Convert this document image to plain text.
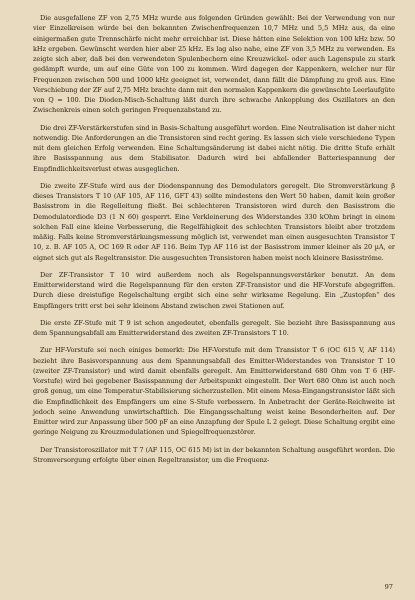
Die ausgefallene ZF von 2,75 MHz wurde aus folgenden Gründen gewählt: Bei der Verwendung von nur vier Einzelkreisen würde bei den bekannten Zwischenfrequenzen 10,7 MHz und 5,5 MHz aus, da eine einigermaßen gute Trennschärfe nicht mehr erreichbar ist. Diese hätten eine Selektion von 100 kHz bzw. 50 kHz ergeben. Gewünscht werden hier aber 25 kHz. Es lag also nahe, eine ZF von 3,5 MHz zu verwenden. Es zeigte sich aber, daß bei den verwendeten Spulenbechern eine Kreuzwickel- oder auch Lagenspule zu stark gedämpft wurde, um auf eine Güte von 100 zu kommen. Wird dagegen der Kappenkern, welcher nur für Frequenzen zwischen 500 und 1000 kHz geeignet ist, verwendet, dann fällt die Dämpfung zu groß aus. Eine Verschiebung der ZF auf 2,75 MHz brachte dann mit den normalen Kappenkern die gewünschte Leerlaufgüte von Q = 100. Die Dioden-Misch-Schaltung läßt durch ihre schwache Ankopplung des Oszillators an den Zwischenkreis einen solch geringen Frequenzabstand zu.

Die drei ZF-Verstärkerstufen sind in Basis-Schaltung ausgeführt worden. Eine Neutralisation ist daher nicht notwendig. Die Anforderungen an die Transistoren sind recht gering. Es lassen sich viele verschiedene Typen mit dem gleichen Erfolg verwenden. Eine Schaltungsänderung ist dabei nicht nötig. Die dritte Stufe erhält ihre Basisspannung aus dem Stabilisator. Dadurch wird bei abfallender Batteriespannung der Empfindlichkeitsverlust etwas ausgeglichen.

Die zweite ZF-Stufe wird aus der Diodenspannung des Demodulators geregelt. Die Stromverstärkung β dieses Transistors T 10 (AF 105, AF 116, GFT 43) sollte mindestens den Wert 50 haben, damit kein großer Basisstrom in die Regelleitung fließt. Bei schlechteren Transistoren wird durch den Basisstrom die Demodulatordiode D3 (1 N 60) gesperrt. Eine Verkleinerung des Widerstandes 330 kOhm bringt in einem solchen Fall eine kleine Verbesserung, die Regelfähigkeit des schlechten Transistors bleibt aber trotzdem mäßig. Falls keine Stromverstärkungsmessung möglich ist, verwendet man einen ausgesuchten Transistor T 10, z. B. AF 105 A, OC 169 R oder AF 116. Beim Typ AF 116 ist der Basisstrom immer kleiner als 20 µA, er eignet sich gut als Regeltransistor. Die ausgesuchten Transistoren haben meist noch kleinere Basisströme.

Der ZF-Transistor T 10 wird außerdem noch als Regelspannungsverstärker benutzt. An dem Emitterwiderstand wird die Regelspannung für den ersten ZF-Transistor und die HF-Vorstufe abgegriffen. Durch diese dreistufige Regelschaltung ergibt sich eine sehr wirksame Regelung. Ein „Zustopfen“ des Empfängers tritt erst bei sehr kleinem Abstand zwischen zwei Stationen auf.

Die erste ZF-Stufe mit T 9 ist schon angedeutet, ebenfalls geregelt. Sie bezieht ihre Basisspannung aus dem Spannungsabfall am Emitterwiderstand des zweiten ZF-Transistors T 10.

Zur HF-Vorstufe sei noch einiges bemerkt: Die HF-Vorstufe mit dem Transistor T 6 (OC 615 V, AF 114) bezieht ihre Basisvorspannung aus dem Spannungsabfall des Emitter-Widerstandes von Transistor T 10 (zweiter ZF-Transistor) und wird damit ebenfalls geregelt. Am Emitterwiderstand 680 Ohm von T 6 (HF-Vorstufe) wird bei gegebener Basisspannung der Arbeitspunkt eingestellt. Der Wert 680 Ohm ist auch noch groß genug, um eine Temperatur-Stabilisierung sicherzustellen. Mit einem Mesa-Eingangstransistor läßt sich die Empfindlichkeit des Empfängers um eine S-Stufe verbessern. In Anbetracht der Geräte-Reichweite ist jedoch seine Anwendung unwirtschaftlich. Die Eingangsschaltung weist keine Besonderheiten auf. Der Emitter wird zur Anpassung über 500 pF an eine Anzapfung der Spule L 2 gelegt. Diese Schaltung ergibt eine geringe Neigung zu Kreuzmodulationen und Spiegelfrequenzstörer.

Der Transistoroszillator mit T 7 (AF 115, OC 615 M) ist in der bekannten Schaltung ausgeführt worden. Die Stromversorgung erfolgte über einen Regeltransistor, um die Frequenz-

97
